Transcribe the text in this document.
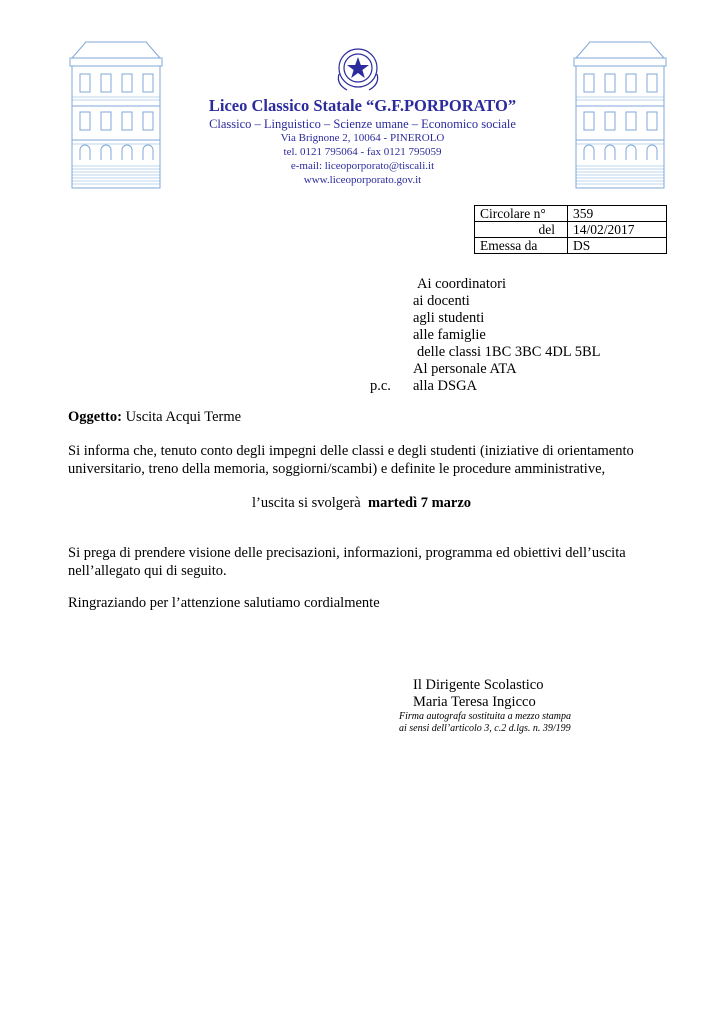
Liceo Classico Statale “G.F.PORPORATO”
Classico – Linguistico – Scienze umane – Economico sociale
Via Brignone 2, 10064 - PINEROLO
tel. 0121 795064 - fax 0121 795059
e-mail: liceoporporato@tiscali.it
www.liceoporporato.gov.it
Circolare n°	359
del	14/02/2017
Emessa da	DS
Ai coordinatori
ai docenti
agli studenti
alle famiglie
delle classi 1BC 3BC 4DL 5BL
Al personale ATA
p.c. alla DSGA
Oggetto: Uscita Acqui Terme
Si informa che, tenuto conto degli impegni delle classi e degli studenti (iniziative di orientamento universitario, treno della memoria, soggiorni/scambi) e definite le procedure amministrative,
l’uscita si svolgerà martedì 7 marzo
Si prega di prendere visione delle precisazioni, informazioni, programma ed obiettivi dell’uscita nell’allegato qui di seguito.
Ringraziando per l’attenzione salutiamo cordialmente
Il Dirigente Scolastico
Maria Teresa Ingicco
Firma autografa sostituita a mezzo stampa
ai sensi dell’articolo 3, c.2 d.lgs. n. 39/199
